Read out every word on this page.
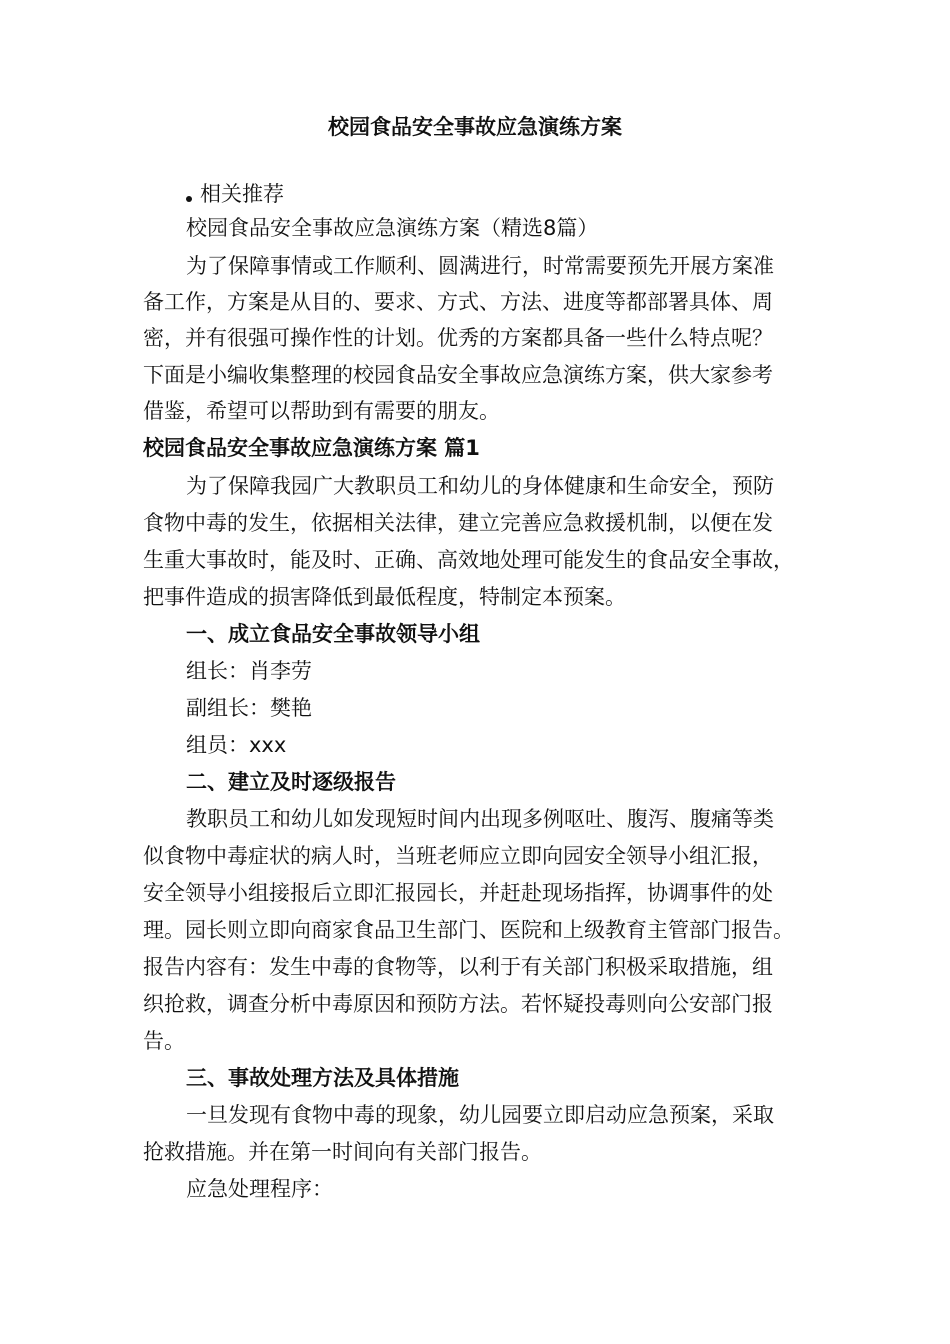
校园食品安全事故应急演练方案
相关推荐
校园食品安全事故应急演练方案（精选8篇）
为了保障事情或工作顺利、圆满进行，时常需要预先开展方案准
备工作，方案是从目的、要求、方式、方法、进度等都部署具体、周
密，并有很强可操作性的计划。优秀的方案都具备一些什么特点呢？
下面是小编收集整理的校园食品安全事故应急演练方案，供大家参考
借鉴，希望可以帮助到有需要的朋友。
校园食品安全事故应急演练方案 篇1
为了保障我园广大教职员工和幼儿的身体健康和生命安全，预防
食物中毒的发生，依据相关法律，建立完善应急救援机制，以便在发
生重大事故时，能及时、正确、高效地处理可能发生的食品安全事故，
把事件造成的损害降低到最低程度，特制定本预案。
一、成立食品安全事故领导小组
组长：肖李劳
副组长：樊艳
组员：xxx
二、建立及时逐级报告
教职员工和幼儿如发现短时间内出现多例呕吐、腹泻、腹痛等类
似食物中毒症状的病人时，当班老师应立即向园安全领导小组汇报，
安全领导小组接报后立即汇报园长，并赶赴现场指挥，协调事件的处
理。园长则立即向商家食品卫生部门、医院和上级教育主管部门报告。
报告内容有：发生中毒的食物等，以利于有关部门积极采取措施，组
织抢救，调查分析中毒原因和预防方法。若怀疑投毒则向公安部门报
告。
三、事故处理方法及具体措施
一旦发现有食物中毒的现象，幼儿园要立即启动应急预案，采取
抢救措施。并在第一时间向有关部门报告。
应急处理程序：
